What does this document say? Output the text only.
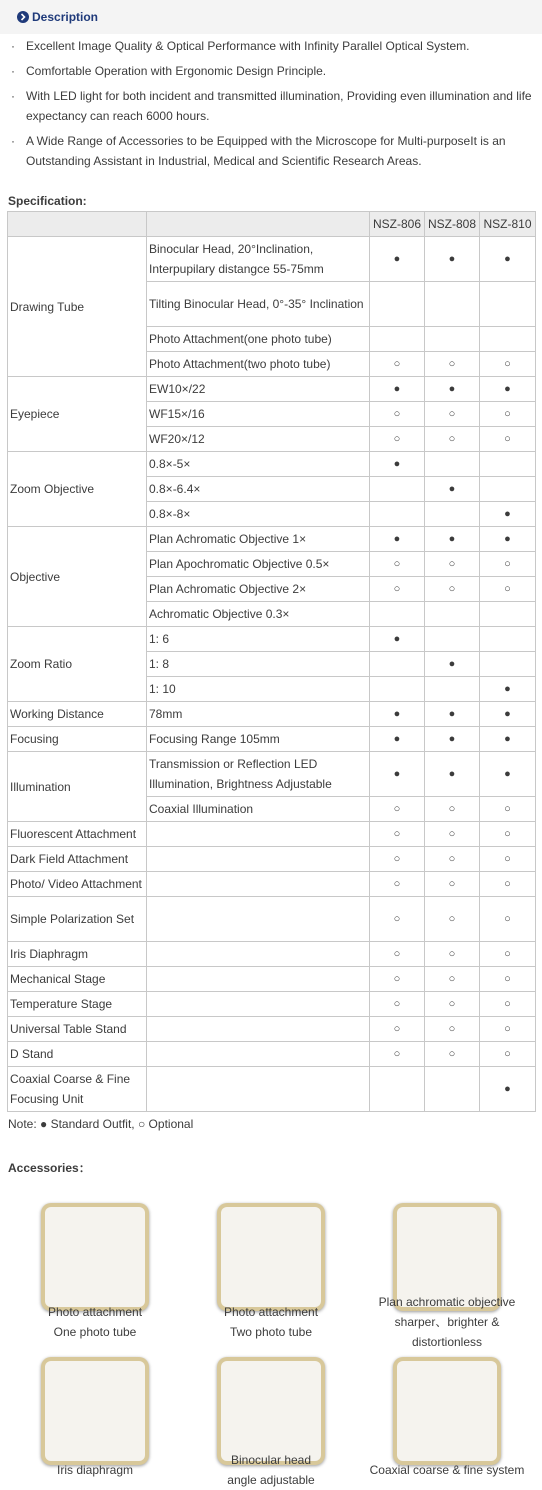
Description
· Excellent Image Quality & Optical Performance with Infinity Parallel Optical System.
· Comfortable Operation with Ergonomic Design Principle.
· With LED light for both incident and transmitted illumination, Providing even illumination and life expectancy can reach 6000 hours.
· A Wide Range of Accessories to be Equipped with the Microscope for Multi-purposeIt is an Outstanding Assistant in Industrial, Medical and Scientific Research Areas.
Specification:
		NSZ-806	NSZ-808	NSZ-810
Drawing Tube	Binocular Head, 20°Inclination, Interpupilary distangce 55-75mm	●	●	●
	Tilting Binocular Head, 0°-35° Inclination			
	Photo Attachment(one photo tube)			
	Photo Attachment(two photo tube)	○	○	○
Eyepiece	EW10×/22	●	●	●
	WF15×/16	○	○	○
	WF20×/12	○	○	○
Zoom Objective	0.8×-5×	●		
	0.8×-6.4×		●	
	0.8×-8×			●
Objective	Plan Achromatic Objective 1×	●	●	●
	Plan Apochromatic Objective 0.5×	○	○	○
	Plan Achromatic Objective 2×	○	○	○
	Achromatic Objective 0.3×			
Zoom Ratio	1: 6	●		
	1: 8		●	
	1: 10			●
Working Distance	78mm	●	●	●
Focusing	Focusing Range 105mm	●	●	●
Illumination	Transmission or Reflection LED Illumination, Brightness Adjustable	●	●	●
	Coaxial Illumination	○	○	○
Fluorescent Attachment		○	○	○
Dark Field Attachment		○	○	○
Photo/ Video Attachment		○	○	○
Simple Polarization Set		○	○	○
Iris Diaphragm		○	○	○
Mechanical Stage		○	○	○
Temperature Stage		○	○	○
Universal Table Stand		○	○	○
D Stand		○	○	○
Coaxial Coarse & Fine Focusing Unit				●
Note: ● Standard Outfit, ○ Optional
Accessories：
Photo attachment
One photo tube
Photo attachment
Two photo tube
Plan achromatic objective
sharper、brighter &
distortionless
Iris diaphragm
Binocular head
angle adjustable
Coaxial coarse & fine system
